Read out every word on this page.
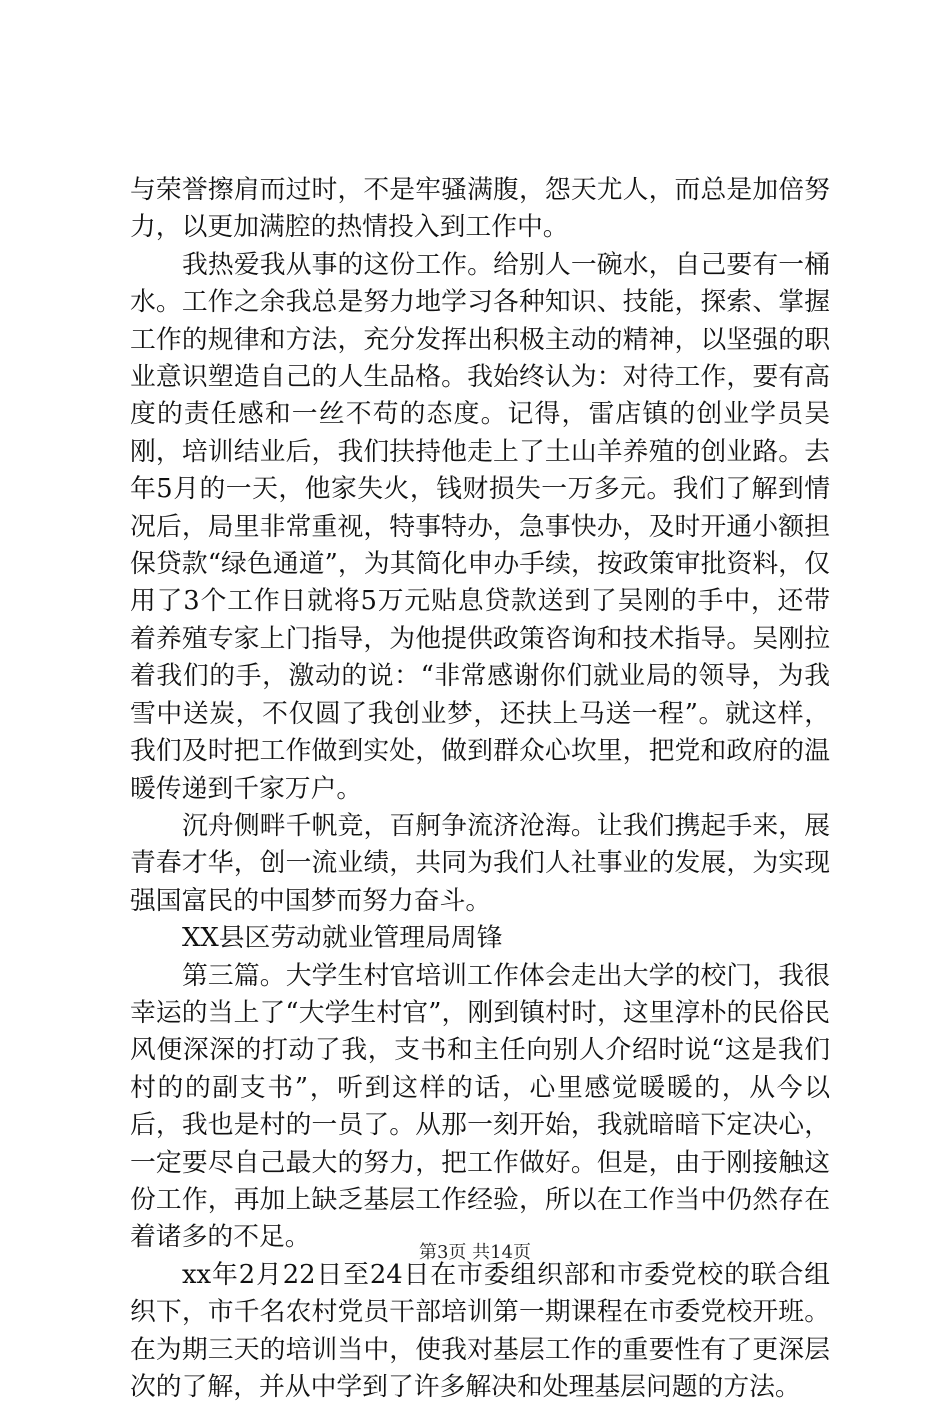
与荣誉擦肩而过时，不是牢骚满腹，怨天尤人，而总是加倍努力，以更加满腔的热情投入到工作中。

我热爱我从事的这份工作。给别人一碗水，自己要有一桶水。工作之余我总是努力地学习各种知识、技能，探索、掌握工作的规律和方法，充分发挥出积极主动的精神，以坚强的职业意识塑造自己的人生品格。我始终认为：对待工作，要有高度的责任感和一丝不苟的态度。记得，雷店镇的创业学员吴刚，培训结业后，我们扶持他走上了土山羊养殖的创业路。去年5月的一天，他家失火，钱财损失一万多元。我们了解到情况后，局里非常重视，特事特办，急事快办，及时开通小额担保贷款“绿色通道”，为其简化申办手续，按政策审批资料，仅用了3个工作日就将5万元贴息贷款送到了吴刚的手中，还带着养殖专家上门指导，为他提供政策咨询和技术指导。吴刚拉着我们的手，激动的说：“非常感谢你们就业局的领导，为我雪中送炭，不仅圆了我创业梦，还扶上马送一程”。就这样，我们及时把工作做到实处，做到群众心坎里，把党和政府的温暖传递到千家万户。

沉舟侧畔千帆竞，百舸争流济沧海。让我们携起手来，展青春才华，创一流业绩，共同为我们人社事业的发展，为实现强国富民的中国梦而努力奋斗。

XX县区劳动就业管理局周锋

第三篇。大学生村官培训工作体会走出大学的校门，我很幸运的当上了“大学生村官”，刚到镇村时，这里淳朴的民俗民风便深深的打动了我，支书和主任向别人介绍时说“这是我们村的的副支书”，听到这样的话，心里感觉暖暖的，从今以后，我也是村的一员了。从那一刻开始，我就暗暗下定决心，一定要尽自己最大的努力，把工作做好。但是，由于刚接触这份工作，再加上缺乏基层工作经验，所以在工作当中仍然存在着诸多的不足。

xx年2月22日至24日在市委组织部和市委党校的联合组织下，市千名农村党员干部培训第一期课程在市委党校开班。在为期三天的培训当中，使我对基层工作的重要性有了更深层次的了解，并从中学到了许多解决和处理基层问题的方法。

第3页 共14页
